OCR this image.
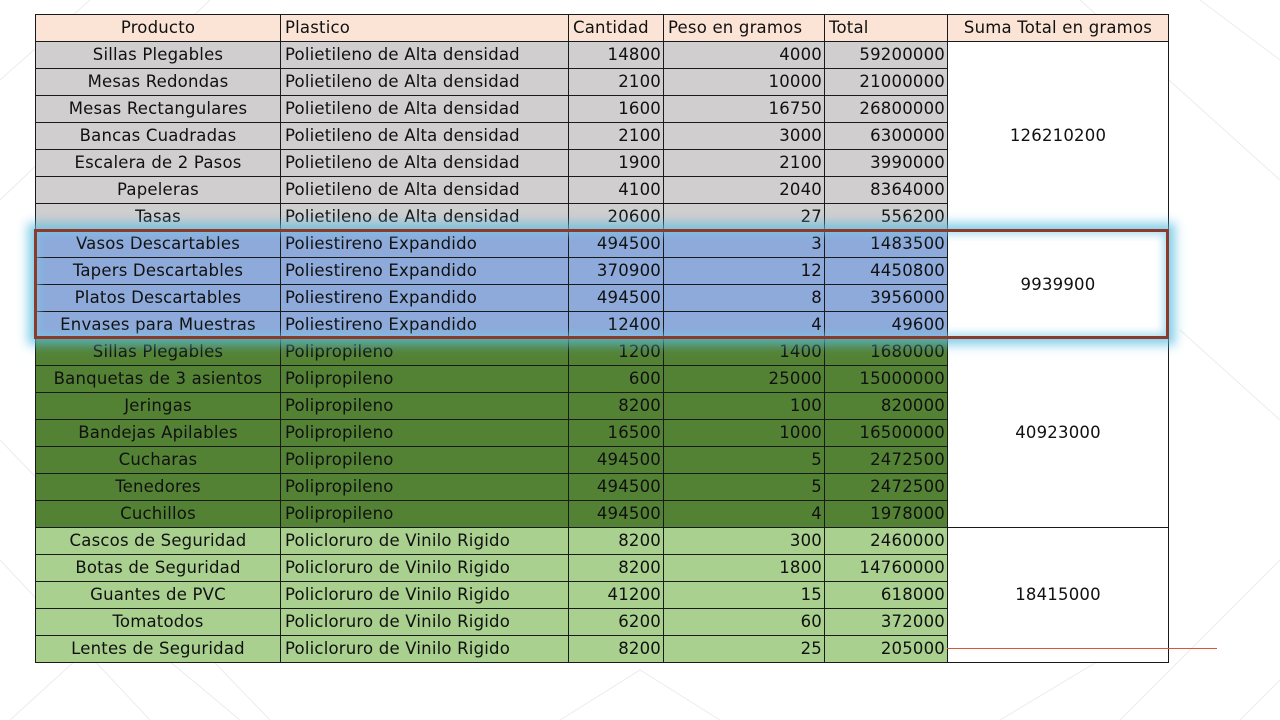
Producto	Plastico	Cantidad	Peso en gramos	Total	Suma Total en gramos
Sillas Plegables	Polietileno de Alta densidad	14800	4000	59200000	126210200
Mesas Redondas	Polietileno de Alta densidad	2100	10000	21000000	
Mesas Rectangulares	Polietileno de Alta densidad	1600	16750	26800000	
Bancas Cuadradas	Polietileno de Alta densidad	2100	3000	6300000	
Escalera de 2 Pasos	Polietileno de Alta densidad	1900	2100	3990000	
Papeleras	Polietileno de Alta densidad	4100	2040	8364000	
Tasas	Polietileno de Alta densidad	20600	27	556200	
Vasos Descartables	Poliestireno Expandido	494500	3	1483500	9939900
Tapers Descartables	Poliestireno Expandido	370900	12	4450800	
Platos Descartables	Poliestireno Expandido	494500	8	3956000	
Envases para Muestras	Poliestireno Expandido	12400	4	49600	
Sillas Plegables	Polipropileno	1200	1400	1680000	40923000
Banquetas de 3 asientos	Polipropileno	600	25000	15000000	
Jeringas	Polipropileno	8200	100	820000	
Bandejas Apilables	Polipropileno	16500	1000	16500000	
Cucharas	Polipropileno	494500	5	2472500	
Tenedores	Polipropileno	494500	5	2472500	
Cuchillos	Polipropileno	494500	4	1978000	
Cascos de Seguridad	Policloruro de Vinilo Rigido	8200	300	2460000	18415000
Botas de Seguridad	Policloruro de Vinilo Rigido	8200	1800	14760000	
Guantes de PVC	Policloruro de Vinilo Rigido	41200	15	618000	
Tomatodos	Policloruro de Vinilo Rigido	6200	60	372000	
Lentes de Seguridad	Policloruro de Vinilo Rigido	8200	25	205000	
